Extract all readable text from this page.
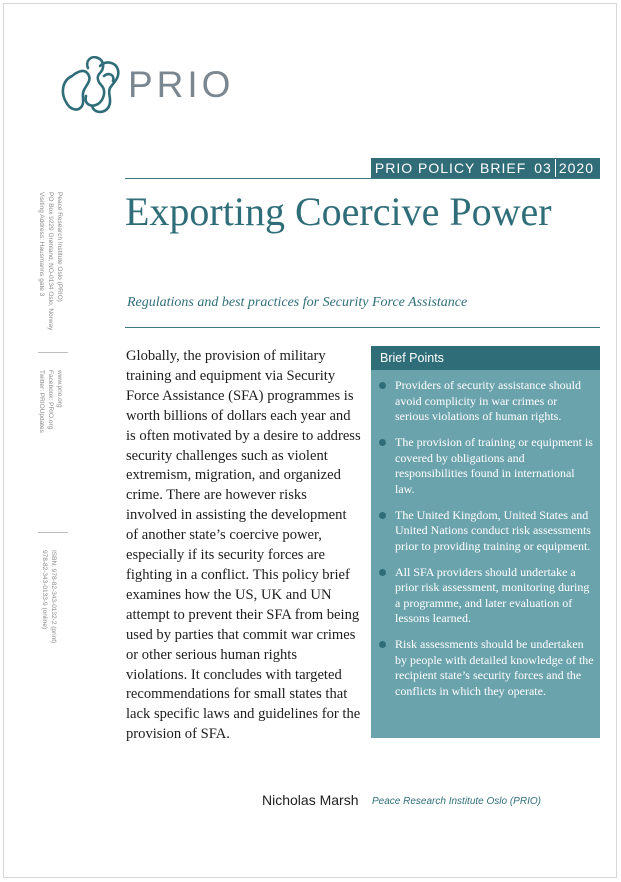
PRIO
PRIO POLICY BRIEF 03 2020
Exporting Coercive Power
Regulations and best practices for Security Force Assistance
Peace Research Institute Oslo (PRIO)
PO Box 9229 Grønland, NO-0134 Oslo, Norway
Visiting Address: Hausmanns gate 3
www.prio.org
Facebook: PRIO.org
Twitter: PRIOUpdates
ISBN: 978-82-343-0132-2 (print)
978-82-343-0133-9 (online)
Globally, the provision of military training and equipment via Security Force Assistance (SFA) programmes is worth billions of dollars each year and is often motivated by a desire to address security challenges such as violent extremism, migration, and organized crime. There are however risks involved in assisting the development of another state’s coercive power, especially if its security forces are fighting in a conflict. This policy brief examines how the US, UK and UN attempt to prevent their SFA from being used by parties that commit war crimes or other serious human rights violations. It concludes with targeted recommendations for small states that lack specific laws and guidelines for the provision of SFA.
Brief Points
Providers of security assistance should avoid complicity in war crimes or serious violations of human rights.
The provision of training or equipment is covered by obligations and responsibilities found in international law.
The United Kingdom, United States and United Nations conduct risk assessments prior to providing training or equipment.
All SFA providers should undertake a prior risk assessment, monitoring during a programme, and later evaluation of lessons learned.
Risk assessments should be undertaken by people with detailed knowledge of the recipient state’s security forces and the conflicts in which they operate.
Nicholas Marsh Peace Research Institute Oslo (PRIO)
